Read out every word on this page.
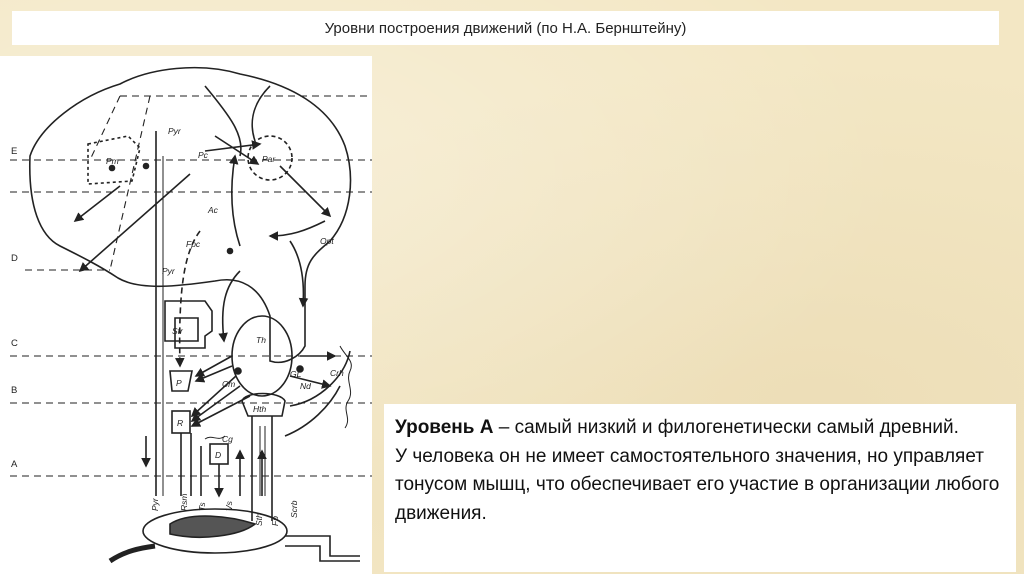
Уровни построения движений (по Н.А. Бернштейну)
E
D
C
B
A
Pm
Pyr
Pc	Par
Ac
Fpc	Opt
Pyr
Str
Th
P	Cm
GL
Nd
Crh
R
Hth
Cg
D
Pyr Rsm Ts Vs
Sth Fp
Scrb

Уровень А – самый низкий и филогенетически самый древний.

У человека он не имеет самостоятельного значения, но управляет тонусом мышц, что обеспечивает его участие в организации любого движения.
